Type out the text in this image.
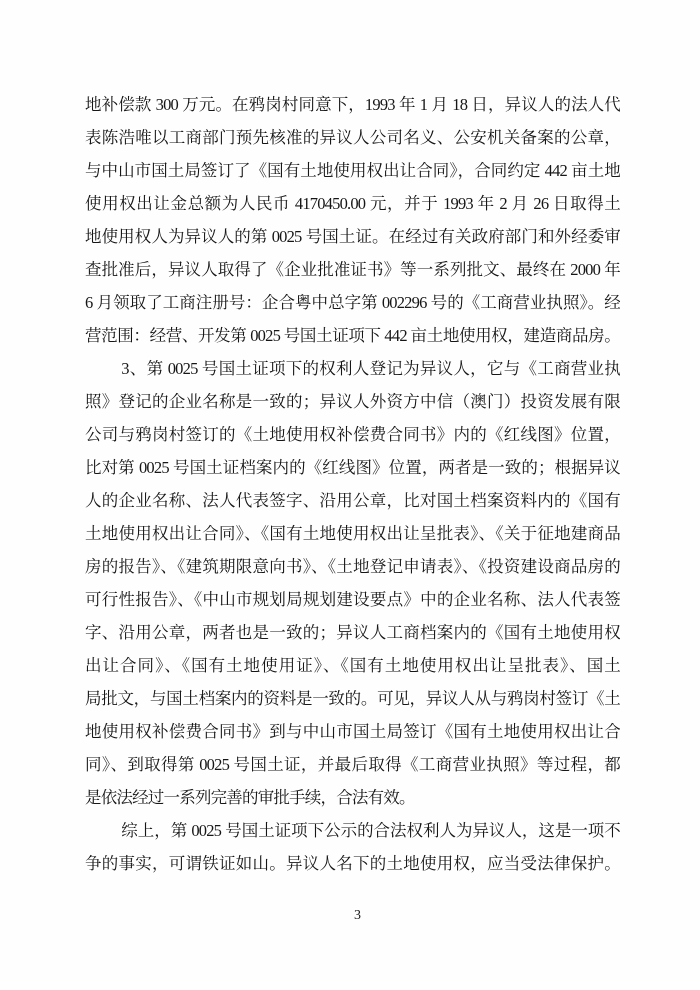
地补偿款 300 万元。在鸦岗村同意下，1993 年 1 月 18 日，异议人的法人代
表陈浩唯以工商部门预先核准的异议人公司名义、公安机关备案的公章，
与中山市国土局签订了《国有土地使用权出让合同》，合同约定 442 亩土地
使用权出让金总额为人民币 4170450.00 元，并于 1993 年 2 月 26 日取得土
地使用权人为异议人的第 0025 号国土证。在经过有关政府部门和外经委审
查批准后，异议人取得了《企业批准证书》等一系列批文、最终在 2000 年
6 月领取了工商注册号：企合粤中总字第 002296 号的《工商营业执照》。经
营范围：经营、开发第 0025 号国土证项下 442 亩土地使用权，建造商品房。
3、第 0025 号国土证项下的权利人登记为异议人，它与《工商营业执
照》登记的企业名称是一致的；异议人外资方中信（澳门）投资发展有限
公司与鸦岗村签订的《土地使用权补偿费合同书》内的《红线图》位置，
比对第 0025 号国土证档案内的《红线图》位置，两者是一致的；根据异议
人的企业名称、法人代表签字、沿用公章，比对国土档案资料内的《国有
土地使用权出让合同》、《国有土地使用权出让呈批表》、《关于征地建商品
房的报告》、《建筑期限意向书》、《土地登记申请表》、《投资建设商品房的
可行性报告》、《中山市规划局规划建设要点》中的企业名称、法人代表签
字、沿用公章，两者也是一致的；异议人工商档案内的《国有土地使用权
出让合同》、《国有土地使用证》、《国有土地使用权出让呈批表》、国土
局批文，与国土档案内的资料是一致的。可见，异议人从与鸦岗村签订《土
地使用权补偿费合同书》到与中山市国土局签订《国有土地使用权出让合
同》、到取得第 0025 号国土证，并最后取得《工商营业执照》等过程，都
是依法经过一系列完善的审批手续，合法有效。
综上，第 0025 号国土证项下公示的合法权利人为异议人，这是一项不
争的事实，可谓铁证如山。异议人名下的土地使用权，应当受法律保护。
3
